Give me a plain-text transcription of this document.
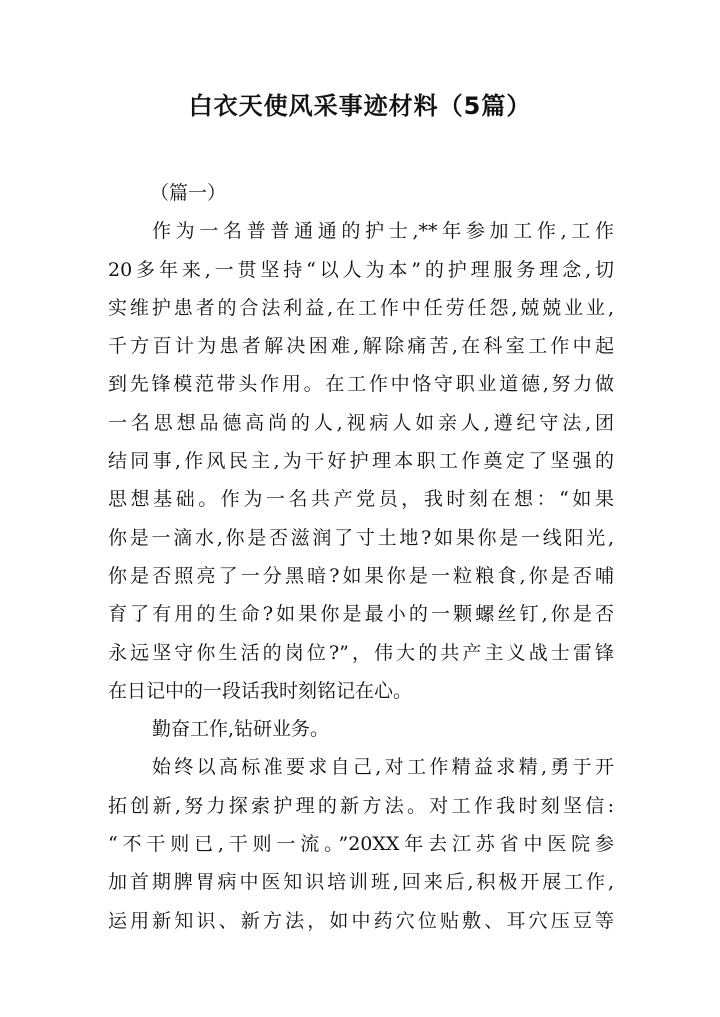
白衣天使风采事迹材料（5篇）
（篇一）
作为一名普普通通的护士,**年参加工作,工作
20多年来,一贯坚持“以人为本”的护理服务理念,切
实维护患者的合法利益,在工作中任劳任怨,兢兢业业,
千方百计为患者解决困难,解除痛苦,在科室工作中起
到先锋模范带头作用。在工作中恪守职业道德,努力做
一名思想品德高尚的人,视病人如亲人,遵纪守法,团
结同事,作风民主,为干好护理本职工作奠定了坚强的
思想基础。作为一名共产党员，我时刻在想：“如果
你是一滴水,你是否滋润了寸土地?如果你是一线阳光,
你是否照亮了一分黑暗?如果你是一粒粮食,你是否哺
育了有用的生命?如果你是最小的一颗螺丝钉,你是否
永远坚守你生活的岗位?”，伟大的共产主义战士雷锋
在日记中的一段话我时刻铭记在心。
勤奋工作,钻研业务。
始终以高标准要求自己,对工作精益求精,勇于开
拓创新,努力探索护理的新方法。对工作我时刻坚信:
“不干则已,干则一流。”20XX年去江苏省中医院参
加首期脾胃病中医知识培训班,回来后,积极开展工作,
运用新知识、新方法，如中药穴位贴敷、耳穴压豆等
